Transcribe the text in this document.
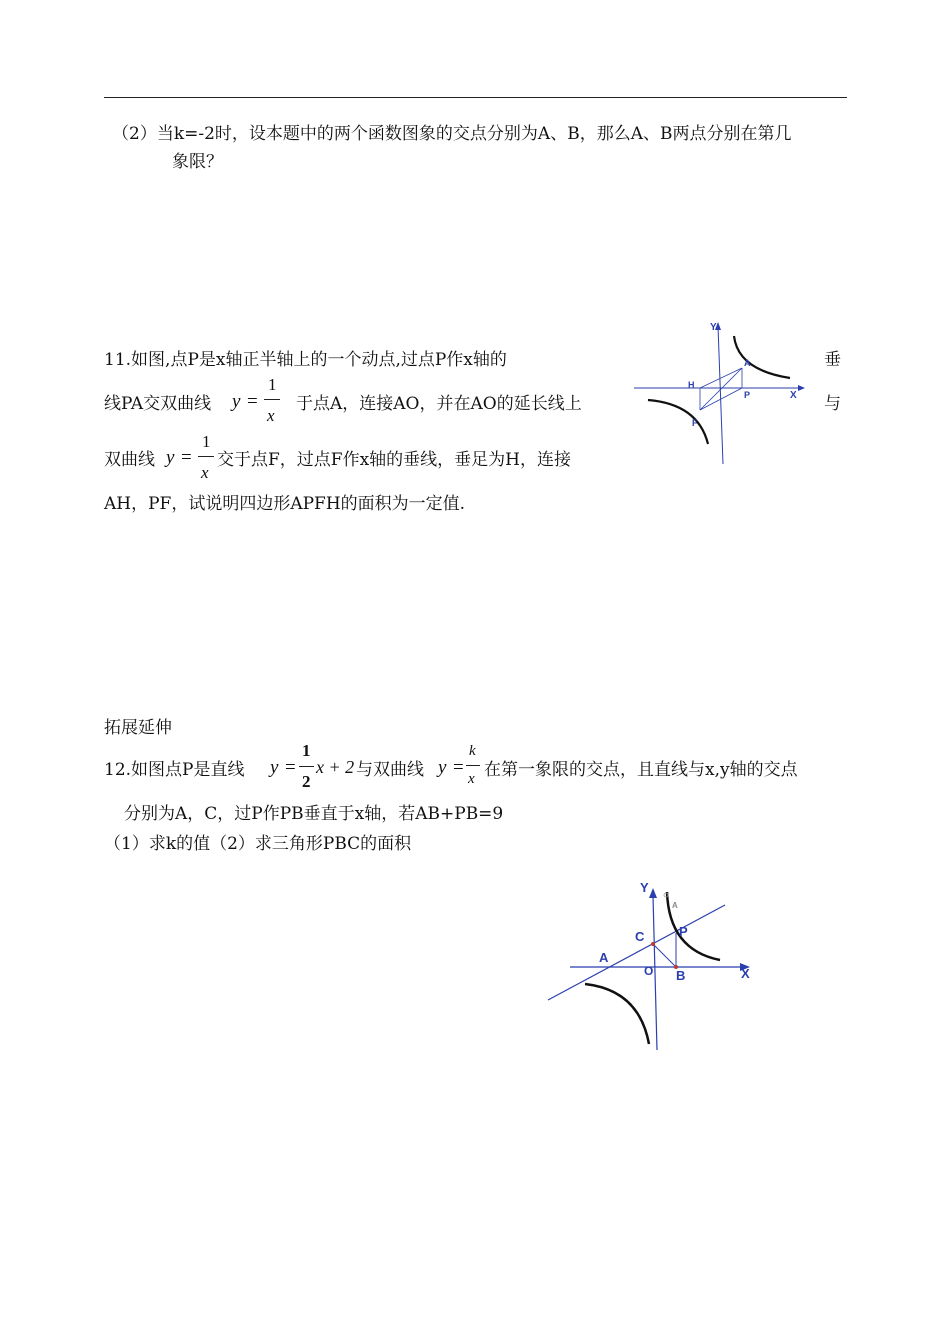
（2）当k=-2时，设本题中的两个函数图象的交点分别为A、B，那么A、B两点分别在第几
象限？
11.如图,点P是x轴正半轴上的一个动点,过点P作x轴的	垂
线PA交双曲线 y =
1
x
于点A，连接AO，并在AO的延长线上	与
双曲线 y =
1
x
交于点F，过点F作x轴的垂线，垂足为H，连接
AH，PF，试说明四边形APFH的面积为一定值.
Y
X
A
H
P
F
拓展延伸
12.如图点P是直线 y =
1
2
x + 2 与双曲线 y =
k
x 在第一象限的交点，且直线与x,y轴的交点
分别为A，C，过P作PB垂直于x轴，若AB+PB=9
（1）求k的值（2）求三角形PBC的面积
Y
X
A
C	P
O B
A
